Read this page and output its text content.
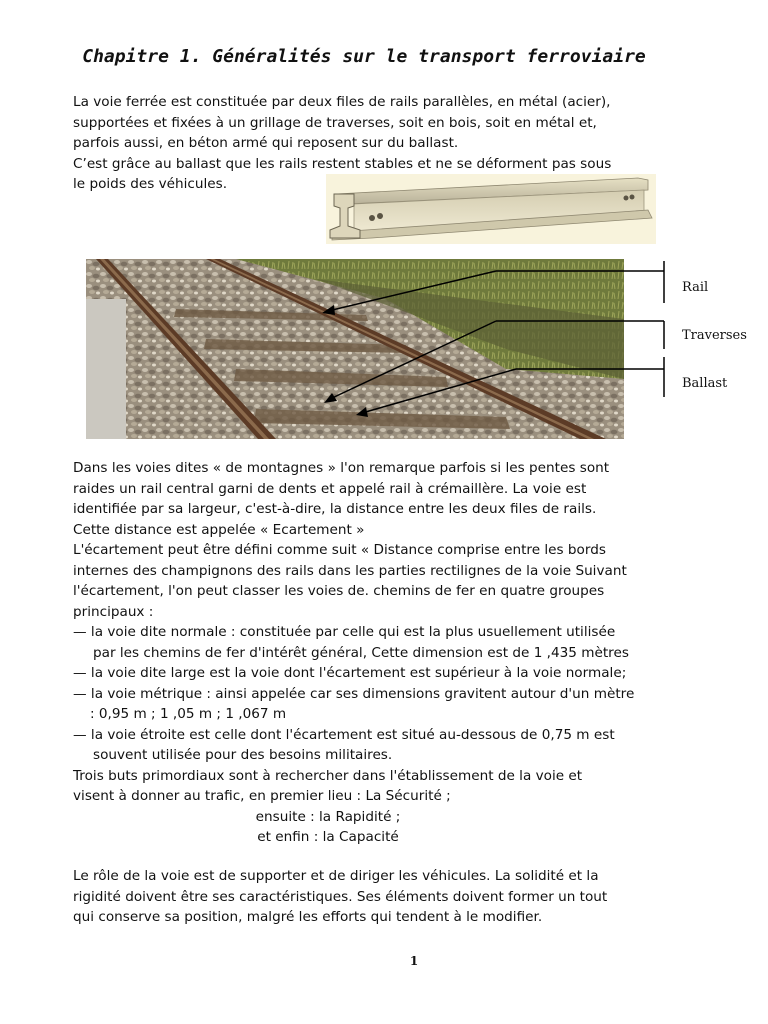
Chapitre 1. Généralités sur le transport ferroviaire

La voie ferrée est constituée par deux files de rails parallèles, en métal (acier),
supportées et fixées à un grillage de traverses, soit en bois, soit en métal et,
parfois aussi, en béton armé qui reposent sur du ballast.
C’est grâce au ballast que les rails restent stables et ne se déforment pas sous
le poids des véhicules.

Rail
Traverses
Ballast

Dans les voies dites « de montagnes » l'on remarque parfois si les pentes sont
raides un rail central garni de dents et appelé rail à crémaillère. La voie est
identifiée par sa largeur, c'est-à-dire, la distance entre les deux files de rails.
Cette distance est appelée « Ecartement »
L'écartement peut être défini comme suit « Distance comprise entre les bords
internes des champignons des rails dans les parties rectilignes de la voie Suivant
l'écartement, l'on peut classer les voies de. chemins de fer en quatre groupes
principaux :
— la voie dite normale : constituée par celle qui est la plus usuellement utilisée
par les chemins de fer d'intérêt général, Cette dimension est de 1 ,435 mètres
— la voie dite large est la voie dont l'écartement est supérieur à la voie normale;
— la voie métrique : ainsi appelée car ses dimensions gravitent autour d'un mètre
: 0,95 m ; 1 ,05 m ; 1 ,067 m
— la voie étroite est celle dont l'écartement est situé au-dessous de 0,75 m est
souvent utilisée pour des besoins militaires.
Trois buts primordiaux sont à rechercher dans l'établissement de la voie et
visent à donner au trafic, en premier lieu : La Sécurité ;
ensuite : la Rapidité ;
et enfin : la Capacité

Le rôle de la voie est de supporter et de diriger les véhicules. La solidité et la
rigidité doivent être ses caractéristiques. Ses éléments doivent former un tout
qui conserve sa position, malgré les efforts qui tendent à le modifier.

1
